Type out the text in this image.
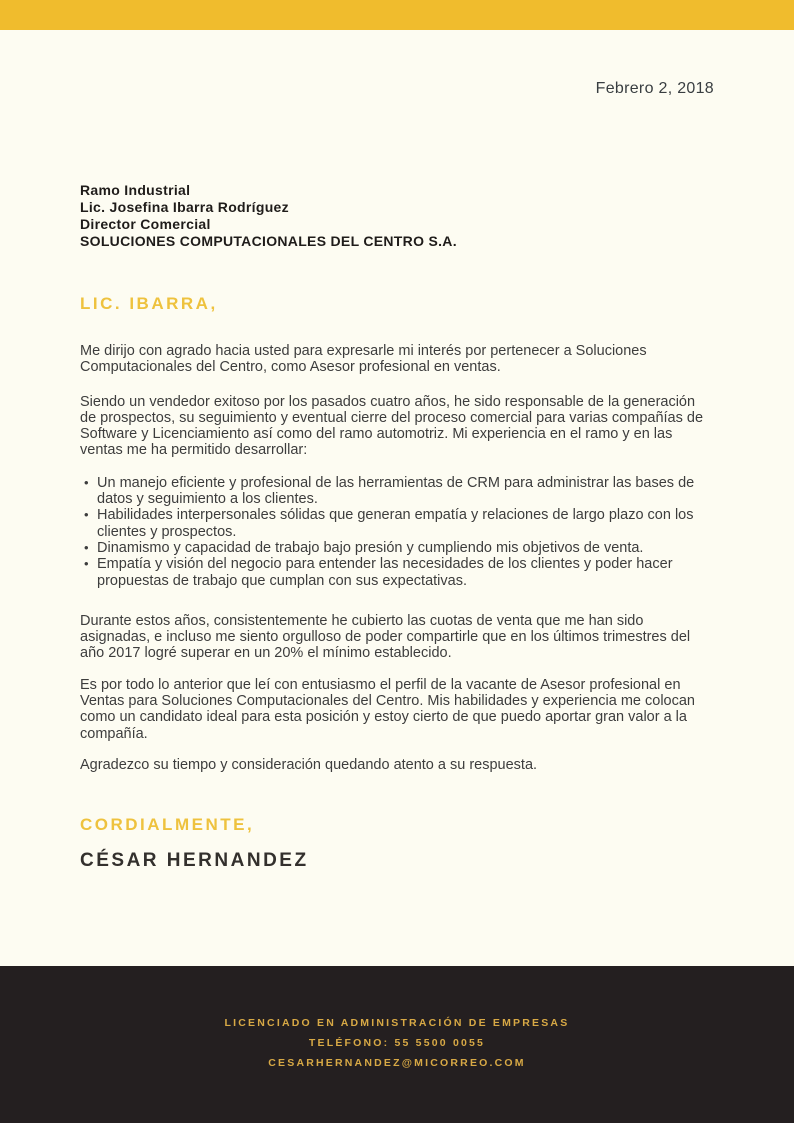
Febrero 2, 2018
Ramo Industrial
Lic. Josefina Ibarra Rodríguez
Director Comercial
SOLUCIONES COMPUTACIONALES DEL CENTRO S.A.
LIC. IBARRA,

Me dirijo con agrado hacia usted para expresarle mi interés por pertenecer a Soluciones Computacionales del Centro, como Asesor profesional en ventas.

Siendo un vendedor exitoso por los pasados cuatro años, he sido responsable de la generación de prospectos, su seguimiento y eventual cierre del proceso comercial para varias compañías de Software y Licenciamiento así como del ramo automotriz. Mi experiencia en el ramo y en las ventas me ha permitido desarrollar:

• Un manejo eficiente y profesional de las herramientas de CRM para administrar las bases de datos y seguimiento a los clientes.
• Habilidades interpersonales sólidas que generan empatía y relaciones de largo plazo con los clientes y prospectos.
• Dinamismo y capacidad de trabajo bajo presión y cumpliendo mis objetivos de venta.
• Empatía y visión del negocio para entender las necesidades de los clientes y poder hacer propuestas de trabajo que cumplan con sus expectativas.

Durante estos años, consistentemente he cubierto las cuotas de venta que me han sido asignadas, e incluso me siento orgulloso de poder compartirle que en los últimos trimestres del año 2017 logré superar en un 20% el mínimo establecido.

Es por todo lo anterior que leí con entusiasmo el perfil de la vacante de Asesor profesional en Ventas para Soluciones Computacionales del Centro. Mis habilidades y experiencia me colocan como un candidato ideal para esta posición y estoy cierto de que puedo aportar gran valor a la compañía.

Agradezco su tiempo y consideración quedando atento a su respuesta.

CORDIALMENTE,
CÉSAR HERNANDEZ
LICENCIADO EN ADMINISTRACIÓN DE EMPRESAS
TELÉFONO: 55 5500 0055
CESARHERNANDEZ@MICORREO.COM
